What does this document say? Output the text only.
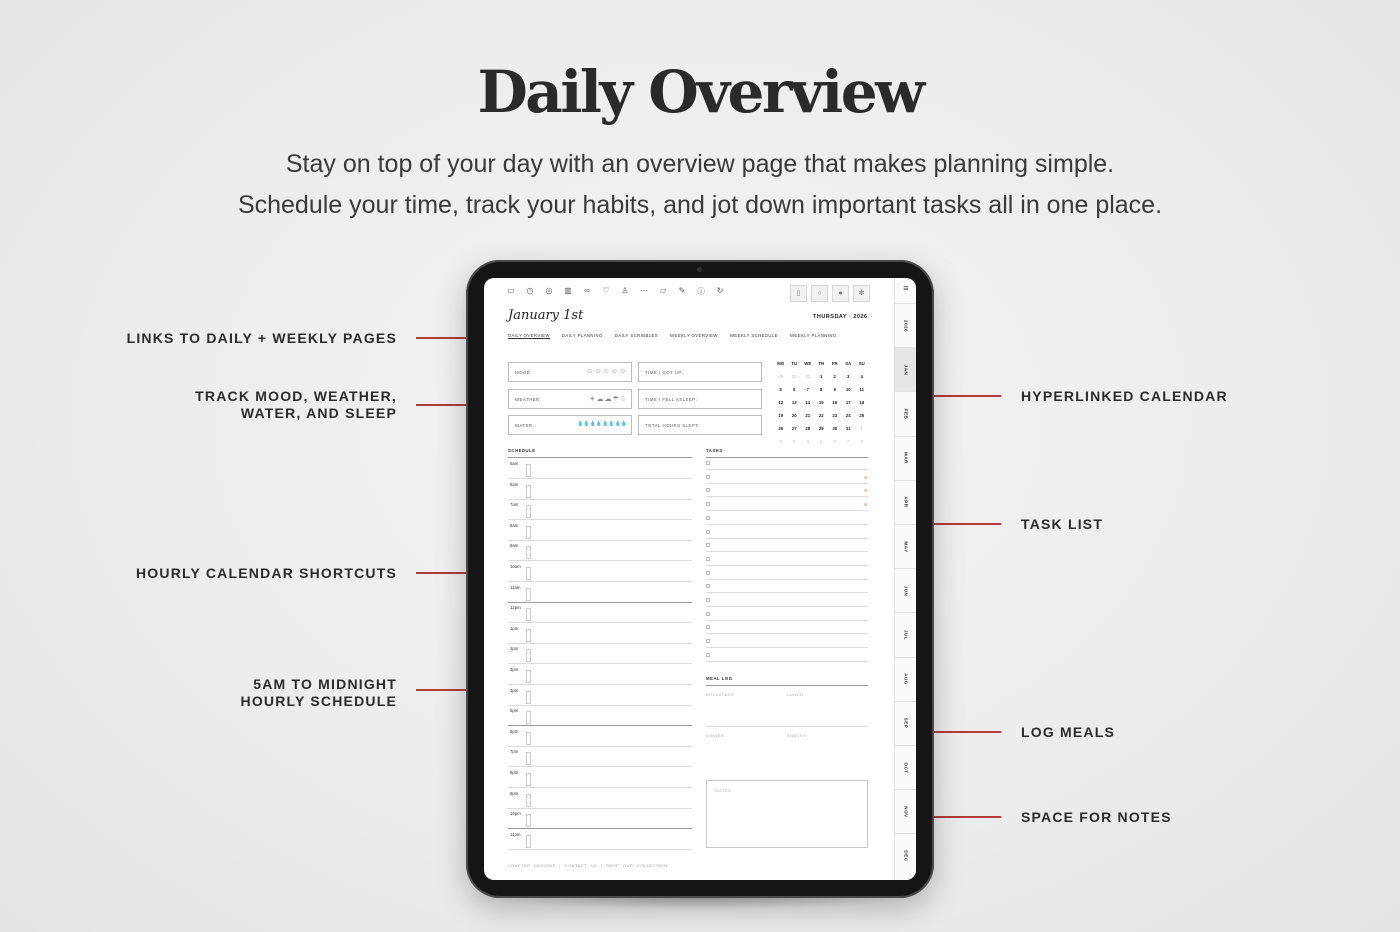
Daily Overview
Stay on top of your day with an overview page that makes planning simple.
Schedule your time, track your habits, and jot down important tasks all in one place.
LINKS TO DAILY + WEEKLY PAGES
TRACK MOOD, WEATHER,
WATER, AND SLEEP
HOURLY CALENDAR SHORTCUTS
5AM TO MIDNIGHT
HOURLY SCHEDULE
HYPERLINKED CALENDAR
TASK LIST
LOG MEALS
SPACE FOR NOTES
▭ ◷ ◎ ▥ ∞ ♡ ♙ ⋯ ▱ ✎ ⓘ ↻	▯	○	●	✻
January 1st	THURSDAY · 2026
DAILY OVERVIEW	DAILY PLANNING	DAILY SCRIBBLES	WEEKLY OVERVIEW	WEEKLY SCHEDULE	WEEKLY PLANNING
MOOD	☺☺☺☺☺
WEATHER	☀☁☁☂☃
WATER	💧💧💧💧💧💧💧💧
TIME I GOT UP:
TIME I FELL ASLEEP:
TOTAL HOURS SLEPT:
MO	TU	WE	TH	FR	SA	SU
29	30	31	1	2	3	4
5	6	7	8	9	10	11
12	13	14	15	16	17	18
19	20	21	22	23	24	25
26	27	28	29	30	31	1
2	3	4	5	6	7	8
SCHEDULE	TASKS
5am
6am
7am
8am
9am
10am
11am
12pm
1pm
2pm
3pm
4pm
5pm
6pm
7pm
8pm
9pm
10pm
11pm
MEAL LOG
BREAKFAST	LUNCH
DINNER	SNACKS
NOTES
CRAFTER DESIGN® | CONTACT US | SHOP OUR COLLECTION
≡
2026
JAN
FEB
MAR
APR
MAY
JUN
JUL
AUG
SEP
OCT
NOV
DEC
